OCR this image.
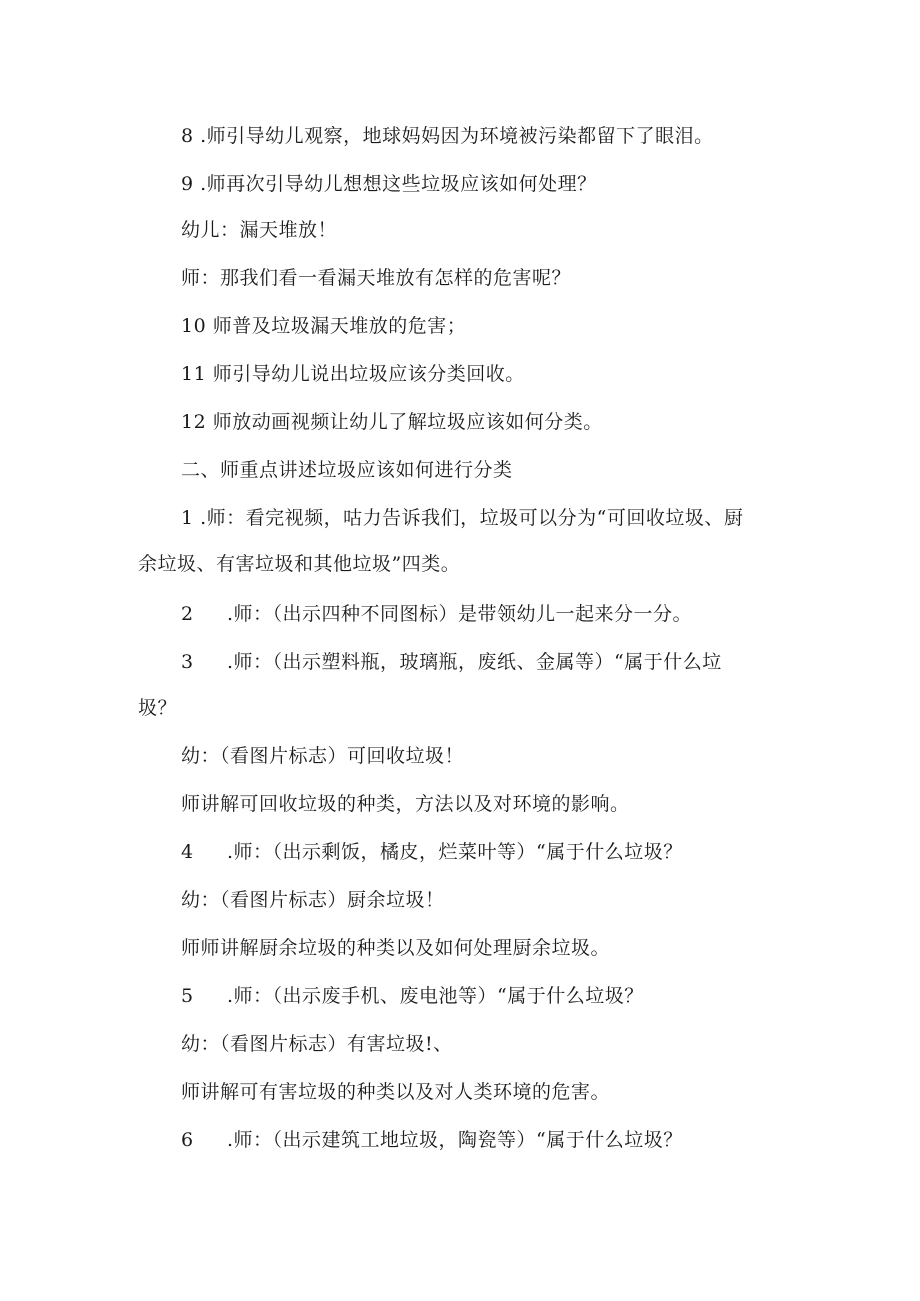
8 .师引导幼儿观察，地球妈妈因为环境被污染都留下了眼泪。
9 .师再次引导幼儿想想这些垃圾应该如何处理？
幼儿：漏天堆放！
师：那我们看一看漏天堆放有怎样的危害呢？
10 师普及垃圾漏天堆放的危害；
11 师引导幼儿说出垃圾应该分类回收。
12 师放动画视频让幼儿了解垃圾应该如何分类。
二、师重点讲述垃圾应该如何进行分类
1 .师：看完视频，咕力告诉我们，垃圾可以分为“可回收垃圾、厨
余垃圾、有害垃圾和其他垃圾”四类。
2 .师：（出示四种不同图标）是带领幼儿一起来分一分。
3 .师：（出示塑料瓶，玻璃瓶，废纸、金属等）“属于什么垃
圾？
幼：（看图片标志）可回收垃圾！
师讲解可回收垃圾的种类，方法以及对环境的影响。
4 .师：（出示剩饭，橘皮，烂菜叶等）“属于什么垃圾？
幼：（看图片标志）厨余垃圾！
师师讲解厨余垃圾的种类以及如何处理厨余垃圾。
5 .师：（出示废手机、废电池等）“属于什么垃圾？
幼：（看图片标志）有害垃圾!、
师讲解可有害垃圾的种类以及对人类环境的危害。
6 .师：（出示建筑工地垃圾，陶瓷等）“属于什么垃圾？
